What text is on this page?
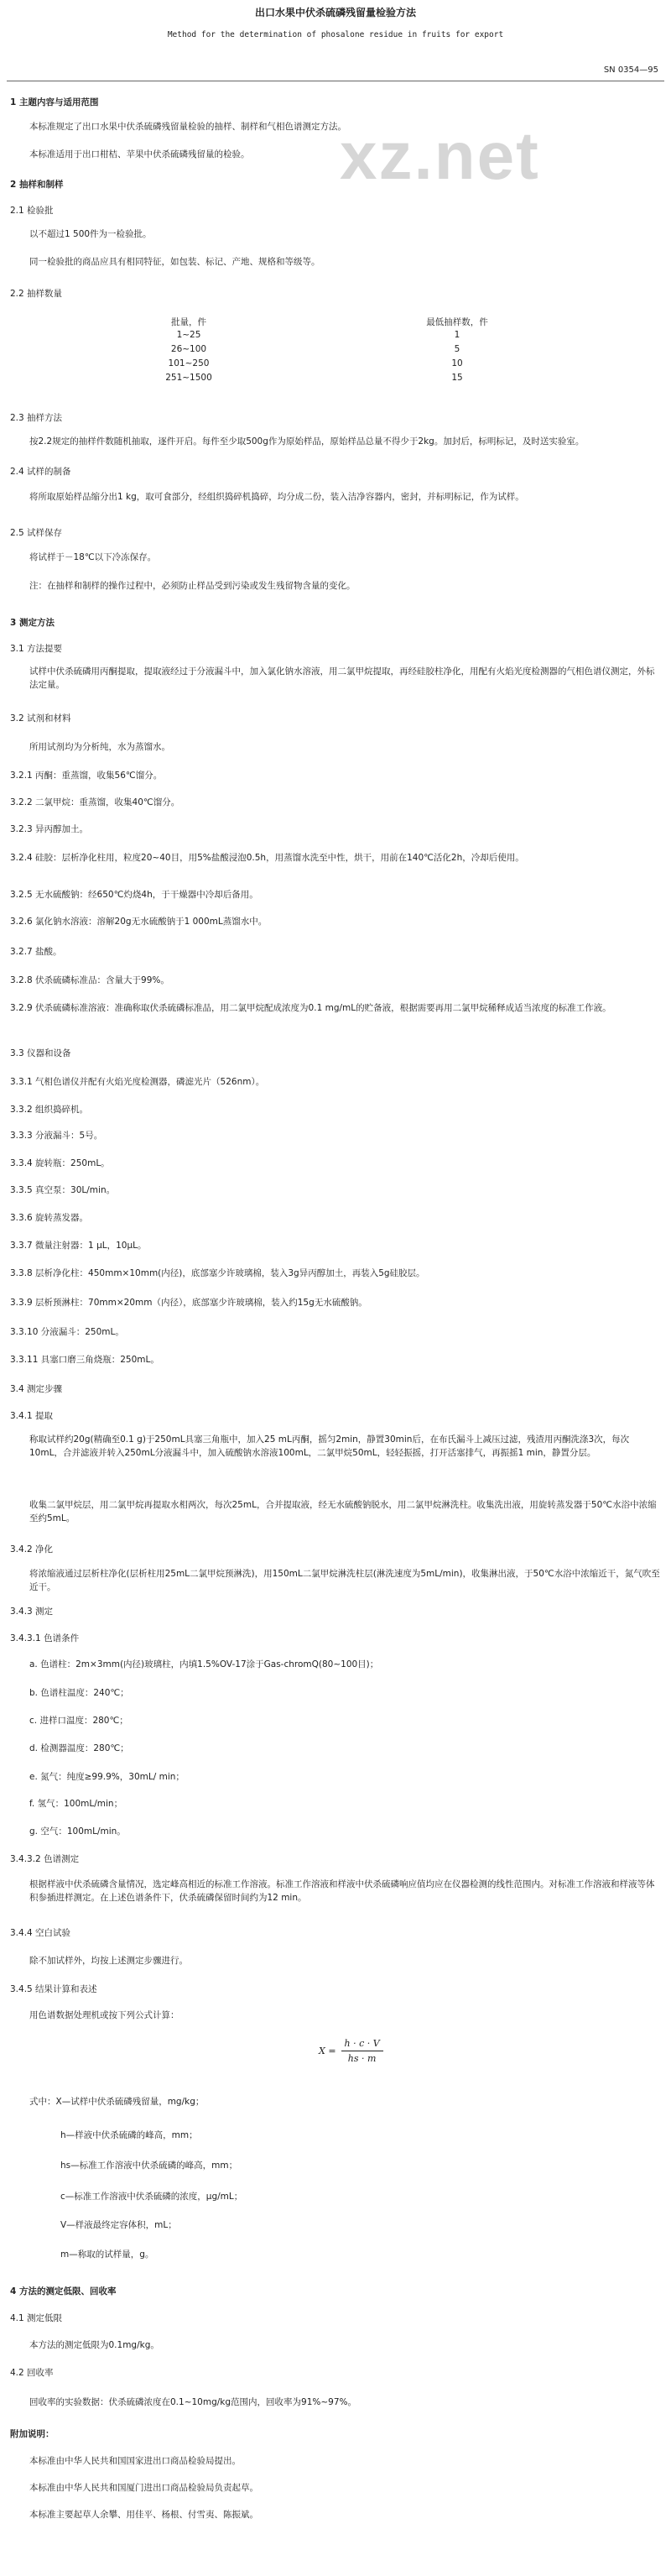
xz.net
出口水果中伏杀硫磷残留量检验方法
Method for the determination of phosalone residue in fruits for export
SN 0354—95
1 主题内容与适用范围
本标准规定了出口水果中伏杀硫磷残留量检验的抽样、制样和气相色谱测定方法。
本标准适用于出口柑桔、苹果中伏杀硫磷残留量的检验。
2 抽样和制样
2.1 检验批
以不超过1 500件为一检验批。
同一检验批的商品应具有相同特征，如包装、标记、产地、规格和等级等。
2.2 抽样数量
批量，件	最低抽样数，件
1~25	1
26~100	5
101~250	10
251~1500	15
2.3 抽样方法
按2.2规定的抽样件数随机抽取，逐件开启。每件至少取500g作为原始样品，原始样品总量不得少于2kg。加封后，标明标记，及时送实验室。
2.4 试样的制备
将所取原始样品缩分出1 kg，取可食部分，经组织捣碎机捣碎，均分成二份，装入洁净容器内，密封，并标明标记，作为试样。
2.5 试样保存
将试样于－18℃以下冷冻保存。
注：在抽样和制样的操作过程中，必须防止样品受到污染或发生残留物含量的变化。
3 测定方法
3.1 方法提要
试样中伏杀硫磷用丙酮提取，提取液经过于分液漏斗中，加入氯化钠水溶液，用二氯甲烷提取，再经硅胶柱净化，用配有火焰光度检测器的气相色谱仪测定，外标法定量。
3.2 试剂和材料
所用试剂均为分析纯，水为蒸馏水。
3.2.1 丙酮：重蒸馏，收集56℃馏分。
3.2.2 二氯甲烷：重蒸馏，收集40℃馏分。
3.2.3 异丙醇加土。
3.2.4 硅胶：层析净化柱用，粒度20~40目，用5%盐酸浸泡0.5h，用蒸馏水洗至中性，烘干，用前在140℃活化2h，冷却后使用。
3.2.5 无水硫酸钠：经650℃灼烧4h，于干燥器中冷却后备用。
3.2.6 氯化钠水溶液：溶解20g无水硫酸钠于1 000mL蒸馏水中。
3.2.7 盐酸。
3.2.8 伏杀硫磷标准品：含量大于99%。
3.2.9 伏杀硫磷标准溶液：准确称取伏杀硫磷标准品，用二氯甲烷配成浓度为0.1 mg/mL的贮备液，根据需要再用二氯甲烷稀释成适当浓度的标准工作液。
3.3 仪器和设备
3.3.1 气相色谱仪并配有火焰光度检测器，磷滤光片（526nm）。
3.3.2 组织捣碎机。
3.3.3 分液漏斗：5号。
3.3.4 旋转瓶：250mL。
3.3.5 真空泵：30L/min。
3.3.6 旋转蒸发器。
3.3.7 微量注射器：1 μL，10μL。
3.3.8 层析净化柱：450mm×10mm(内径)，底部塞少许玻璃棉，装入3g异丙醇加土，再装入5g硅胶层。
3.3.9 层析预淋柱：70mm×20mm（内径），底部塞少许玻璃棉，装入约15g无水硫酸钠。
3.3.10 分液漏斗：250mL。
3.3.11 具塞口磨三角烧瓶：250mL。
3.4 测定步骤
3.4.1 提取
称取试样约20g(精确至0.1 g)于250mL具塞三角瓶中，加入25 mL丙酮，摇匀2min，静置30min后，在布氏漏斗上减压过滤，残渣用丙酮洗涤3次，每次10mL，合并滤液并转入250mL分液漏斗中，加入硫酸钠水溶液100mL，二氯甲烷50mL，轻轻振摇，打开活塞排气，再振摇1 min，静置分层。
收集二氯甲烷层，用二氯甲烷再提取水相两次，每次25mL，合并提取液，经无水硫酸钠脱水，用二氯甲烷淋洗柱。收集洗出液，用旋转蒸发器于50℃水浴中浓缩至约5mL。
3.4.2 净化
将浓缩液通过层析柱净化(层析柱用25mL二氯甲烷预淋洗)，用150mL二氯甲烷淋洗柱层(淋洗速度为5mL/min)，收集淋出液，于50℃水浴中浓缩近干，氮气吹至近干。
3.4.3 测定
3.4.3.1 色谱条件
a. 色谱柱：2m×3mm(内径)玻璃柱，内填1.5%OV-17涂于Gas-chromQ(80~100目)；
b. 色谱柱温度：240℃；
c. 进样口温度：280℃；
d. 检测器温度：280℃；
e. 氮气：纯度≥99.9%，30mL/ min；
f. 氢气：100mL/min；
g. 空气：100mL/min。
3.4.3.2 色谱测定
根据样液中伏杀硫磷含量情况，选定峰高相近的标准工作溶液。标准工作溶液和样液中伏杀硫磷响应值均应在仪器检测的线性范围内。对标准工作溶液和样液等体积参插进样测定。在上述色谱条件下，伏杀硫磷保留时间约为12 min。
3.4.4 空白试验
除不加试样外，均按上述测定步骤进行。
3.4.5 结果计算和表述
用色谱数据处理机或按下列公式计算：
$X = \frac{h \cdot c \cdot V}{hs \cdot m}$
式中：X—试样中伏杀硫磷残留量，mg/kg；
h—样液中伏杀硫磷的峰高，mm；
hs—标准工作溶液中伏杀硫磷的峰高，mm；
c—标准工作溶液中伏杀硫磷的浓度，μg/mL；
V—样液最终定容体积，mL；
m—称取的试样量，g。
4 方法的测定低限、回收率
4.1 测定低限
本方法的测定低限为0.1mg/kg。
4.2 回收率
回收率的实验数据：伏杀硫磷浓度在0.1~10mg/kg范围内，回收率为91%~97%。
附加说明：
本标准由中华人民共和国国家进出口商品检验局提出。
本标准由中华人民共和国厦门进出口商品检验局负责起草。
本标准主要起草人余攀、用佳平、杨根、付雪夷、陈振斌。
